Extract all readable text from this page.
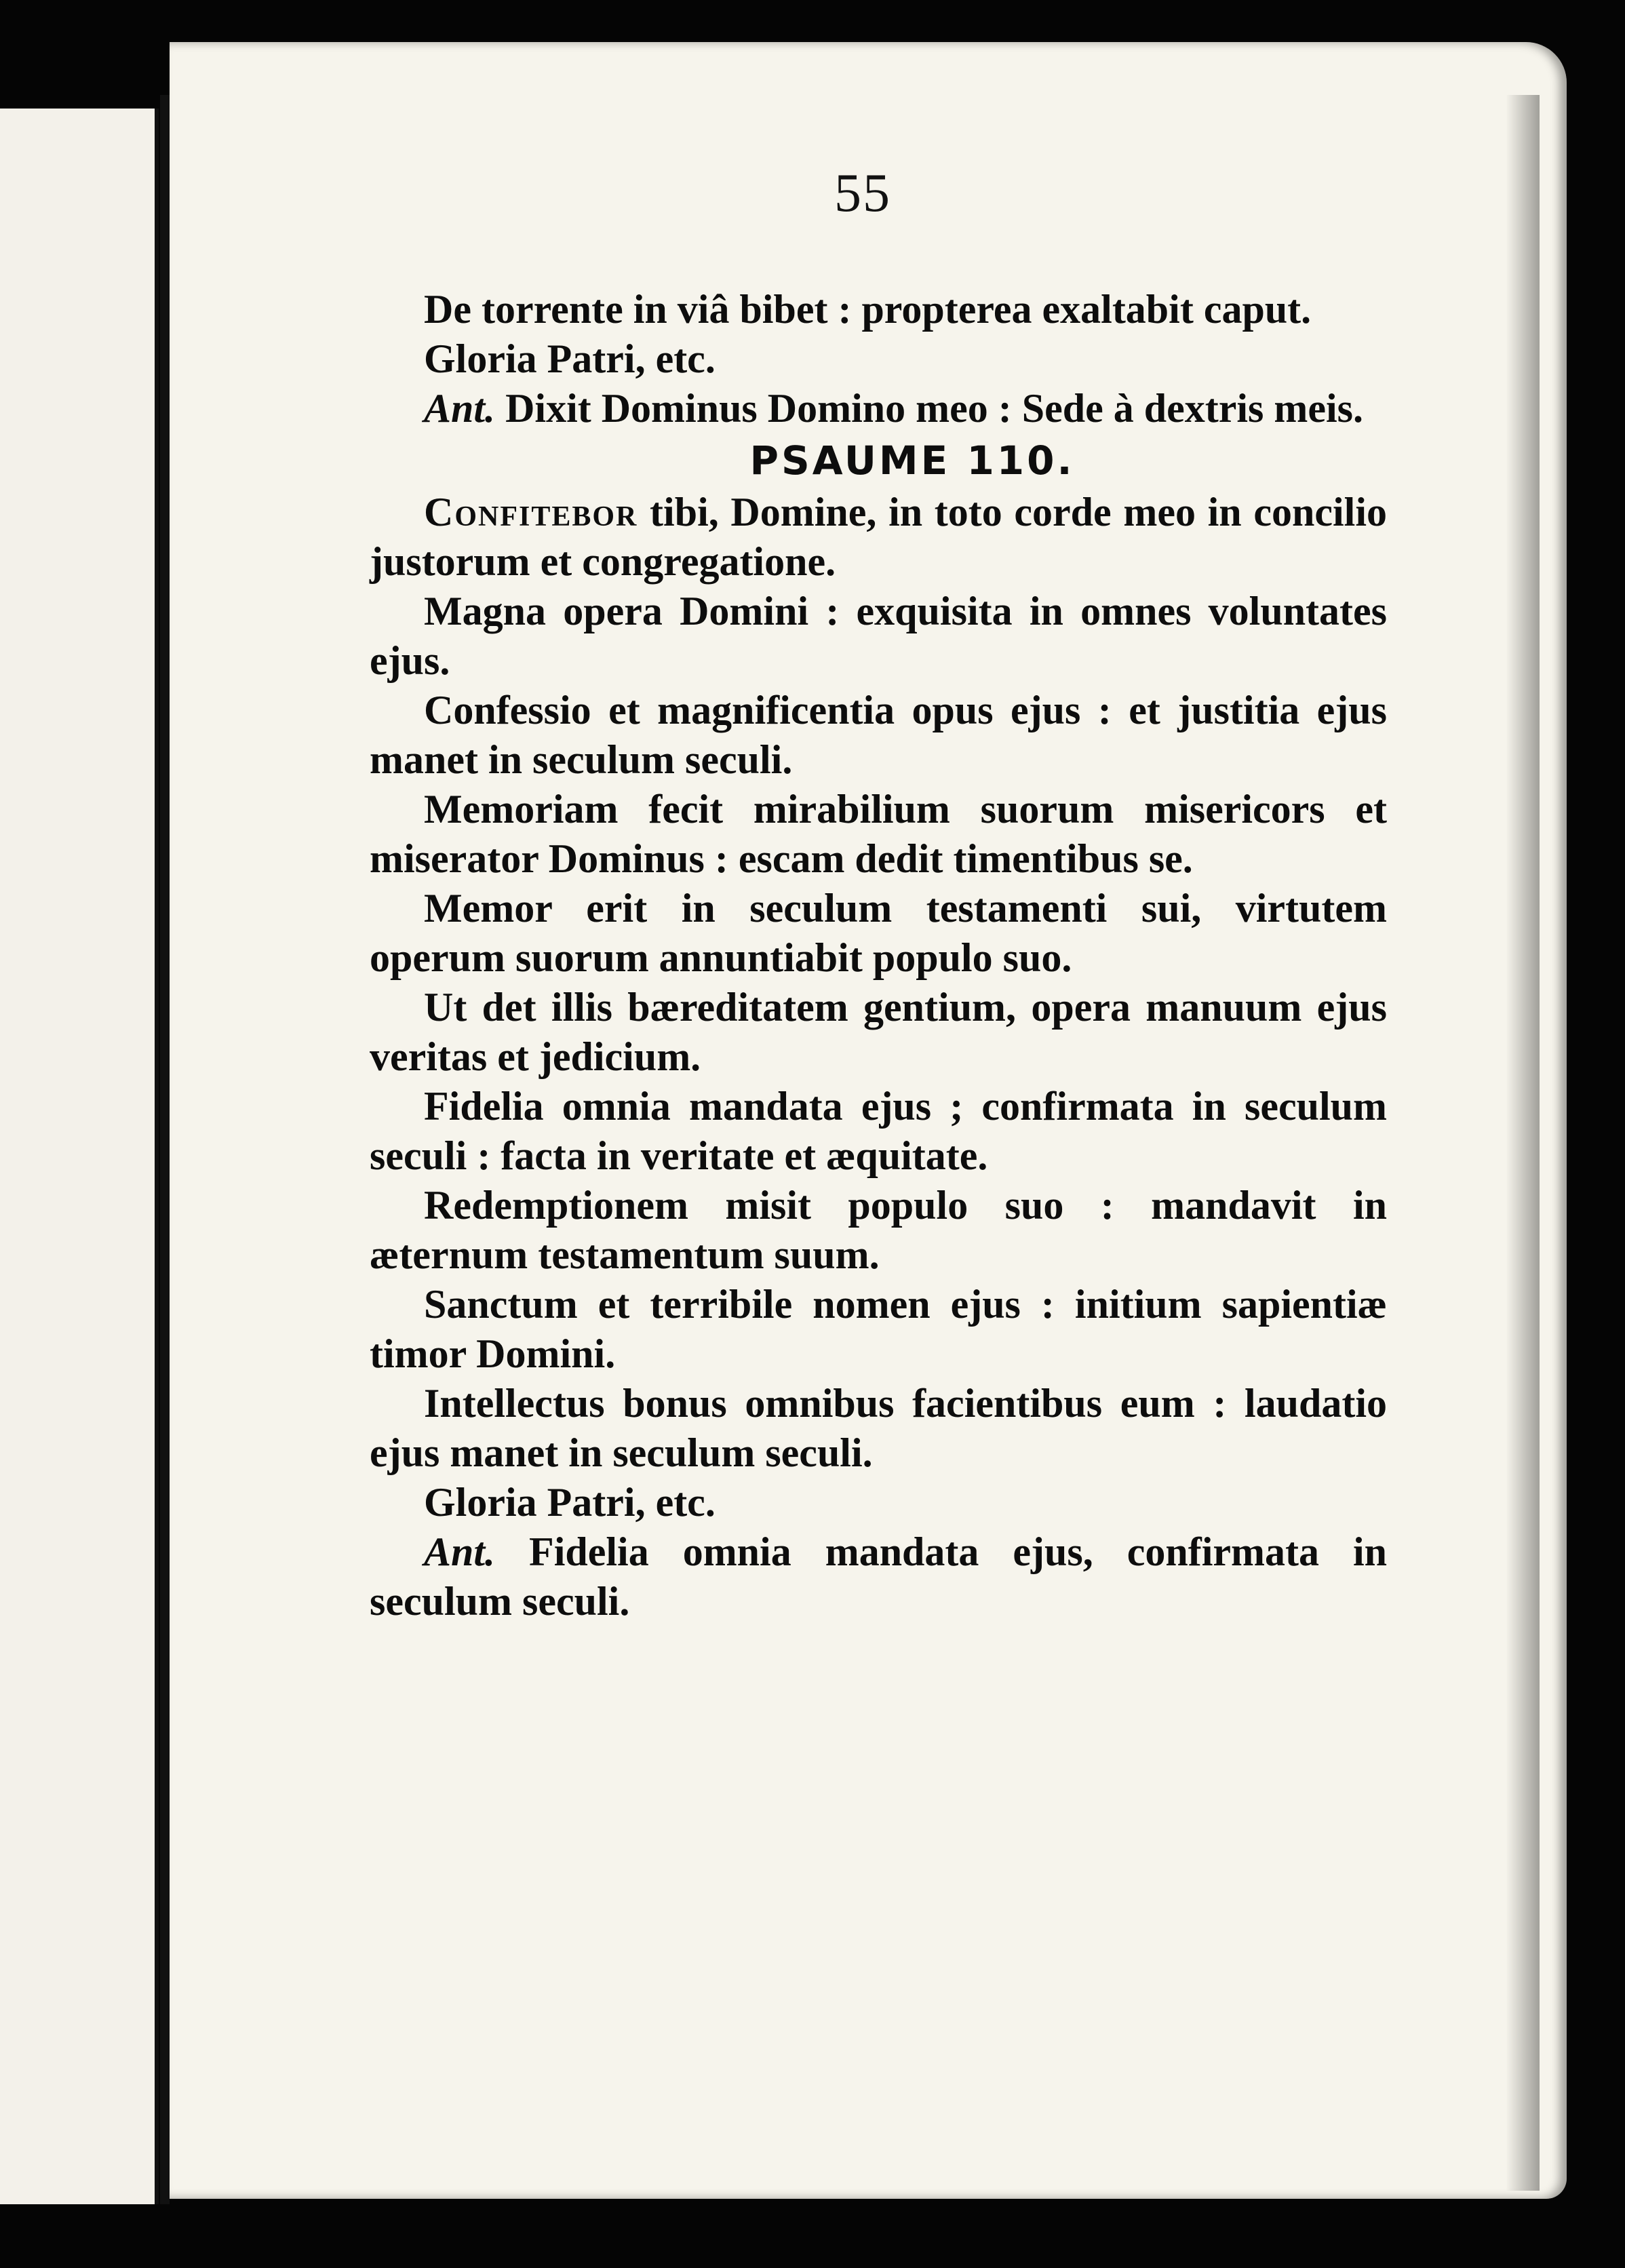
55

De torrente in viâ bibet : propterea exaltabit caput.

Gloria Patri, etc.

Ant. Dixit Dominus Domino meo : Sede à dextris meis.

PSAUME 110.

Confitebor tibi, Domine, in toto corde meo in concilio justorum et congregatione.

Magna opera Domini : exquisita in omnes voluntates ejus.

Confessio et magnificentia opus ejus : et justitia ejus manet in seculum seculi.

Memoriam fecit mirabilium suorum misericors et miserator Dominus : escam dedit timentibus se.

Memor erit in seculum testamenti sui, virtutem operum suorum annuntiabit populo suo.

Ut det illis bæreditatem gentium, opera manuum ejus veritas et jedicium.

Fidelia omnia mandata ejus ; confirmata in seculum seculi : facta in veritate et æquitate.

Redemptionem misit populo suo : mandavit in æternum testamentum suum.

Sanctum et terribile nomen ejus : initium sapientiæ timor Domini.

Intellectus bonus omnibus facientibus eum : laudatio ejus manet in seculum seculi.

Gloria Patri, etc.

Ant. Fidelia omnia mandata ejus, confirmata in seculum seculi.
